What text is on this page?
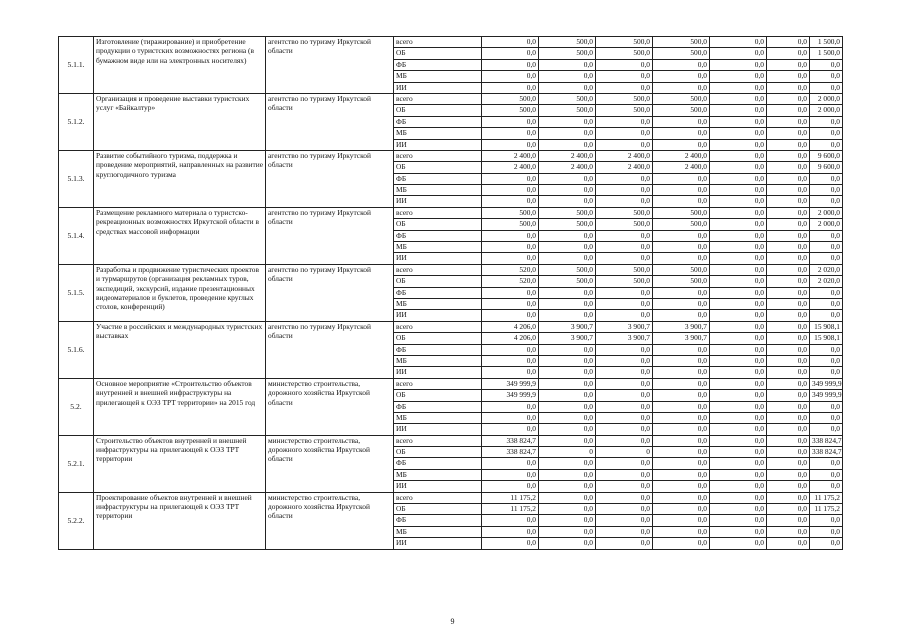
5.1.1.	Изготовление (тиражирование) и приобретение продукции о туристских возможностях региона (в бумажном виде или на электронных носителях)	агентство по туризму Иркутской области	всего	0,0	500,0	500,0	500,0	0,0	0,0	1 500,0
			ОБ	0,0	500,0	500,0	500,0	0,0	0,0	1 500,0
			ФБ	0,0	0,0	0,0	0,0	0,0	0,0	0,0
			МБ	0,0	0,0	0,0	0,0	0,0	0,0	0,0
			ИИ	0,0	0,0	0,0	0,0	0,0	0,0	0,0
5.1.2.	Организация и проведение выставки туристских услуг «Байкалтур»	агентство по туризму Иркутской области	всего	500,0	500,0	500,0	500,0	0,0	0,0	2 000,0
			ОБ	500,0	500,0	500,0	500,0	0,0	0,0	2 000,0
			ФБ	0,0	0,0	0,0	0,0	0,0	0,0	0,0
			МБ	0,0	0,0	0,0	0,0	0,0	0,0	0,0
			ИИ	0,0	0,0	0,0	0,0	0,0	0,0	0,0
5.1.3.	Развитие событийного туризма, поддержка и проведение мероприятий, направленных на развитие круглогодичного туризма	агентство по туризму Иркутской области	всего	2 400,0	2 400,0	2 400,0	2 400,0	0,0	0,0	9 600,0
			ОБ	2 400,0	2 400,0	2 400,0	2 400,0	0,0	0,0	9 600,0
			ФБ	0,0	0,0	0,0	0,0	0,0	0,0	0,0
			МБ	0,0	0,0	0,0	0,0	0,0	0,0	0,0
			ИИ	0,0	0,0	0,0	0,0	0,0	0,0	0,0
5.1.4.	Размещение рекламного материала о туристско-рекреационных возможностях Иркутской области в средствах массовой информации	агентство по туризму Иркутской области	всего	500,0	500,0	500,0	500,0	0,0	0,0	2 000,0
			ОБ	500,0	500,0	500,0	500,0	0,0	0,0	2 000,0
			ФБ	0,0	0,0	0,0	0,0	0,0	0,0	0,0
			МБ	0,0	0,0	0,0	0,0	0,0	0,0	0,0
			ИИ	0,0	0,0	0,0	0,0	0,0	0,0	0,0
5.1.5.	Разработка и продвижение туристических проектов и турмаршрутов (организация рекламных туров, экспедиций, экскурсий, издание презентационных видеоматериалов и буклетов, проведение круглых столов, конференций)	агентство по туризму Иркутской области	всего	520,0	500,0	500,0	500,0	0,0	0,0	2 020,0
			ОБ	520,0	500,0	500,0	500,0	0,0	0,0	2 020,0
			ФБ	0,0	0,0	0,0	0,0	0,0	0,0	0,0
			МБ	0,0	0,0	0,0	0,0	0,0	0,0	0,0
			ИИ	0,0	0,0	0,0	0,0	0,0	0,0	0,0
5.1.6.	Участие в российских и международных туристских выставках	агентство по туризму Иркутской области	всего	4 206,0	3 900,7	3 900,7	3 900,7	0,0	0,0	15 908,1
			ОБ	4 206,0	3 900,7	3 900,7	3 900,7	0,0	0,0	15 908,1
			ФБ	0,0	0,0	0,0	0,0	0,0	0,0	0,0
			МБ	0,0	0,0	0,0	0,0	0,0	0,0	0,0
			ИИ	0,0	0,0	0,0	0,0	0,0	0,0	0,0
5.2.	Основное мероприятие «Строительство объектов внутренней и внешней инфраструктуры на прилегающей к ОЭЗ ТРТ территории» на 2015 год	министерство строительства, дорожного хозяйства Иркутской области	всего	349 999,9	0,0	0,0	0,0	0,0	0,0	349 999,9
			ОБ	349 999,9	0,0	0,0	0,0	0,0	0,0	349 999,9
			ФБ	0,0	0,0	0,0	0,0	0,0	0,0	0,0
			МБ	0,0	0,0	0,0	0,0	0,0	0,0	0,0
			ИИ	0,0	0,0	0,0	0,0	0,0	0,0	0,0
5.2.1.	Строительство объектов внутренней и внешней инфраструктуры на прилегающей к ОЭЗ ТРТ территории	министерство строительства, дорожного хозяйства Иркутской области	всего	338 824,7	0,0	0,0	0,0	0,0	0,0	338 824,7
			ОБ	338 824,7	0	0	0,0	0,0	0,0	338 824,7
			ФБ	0,0	0,0	0,0	0,0	0,0	0,0	0,0
			МБ	0,0	0,0	0,0	0,0	0,0	0,0	0,0
			ИИ	0,0	0,0	0,0	0,0	0,0	0,0	0,0
5.2.2.	Проектирование объектов внутренней и внешней инфраструктуры на прилегающей к ОЭЗ ТРТ территории	министерство строительства, дорожного хозяйства Иркутской области	всего	11 175,2	0,0	0,0	0,0	0,0	0,0	11 175,2
			ОБ	11 175,2	0,0	0,0	0,0	0,0	0,0	11 175,2
			ФБ	0,0	0,0	0,0	0,0	0,0	0,0	0,0
			МБ	0,0	0,0	0,0	0,0	0,0	0,0	0,0
			ИИ	0,0	0,0	0,0	0,0	0,0	0,0	0,0
9
